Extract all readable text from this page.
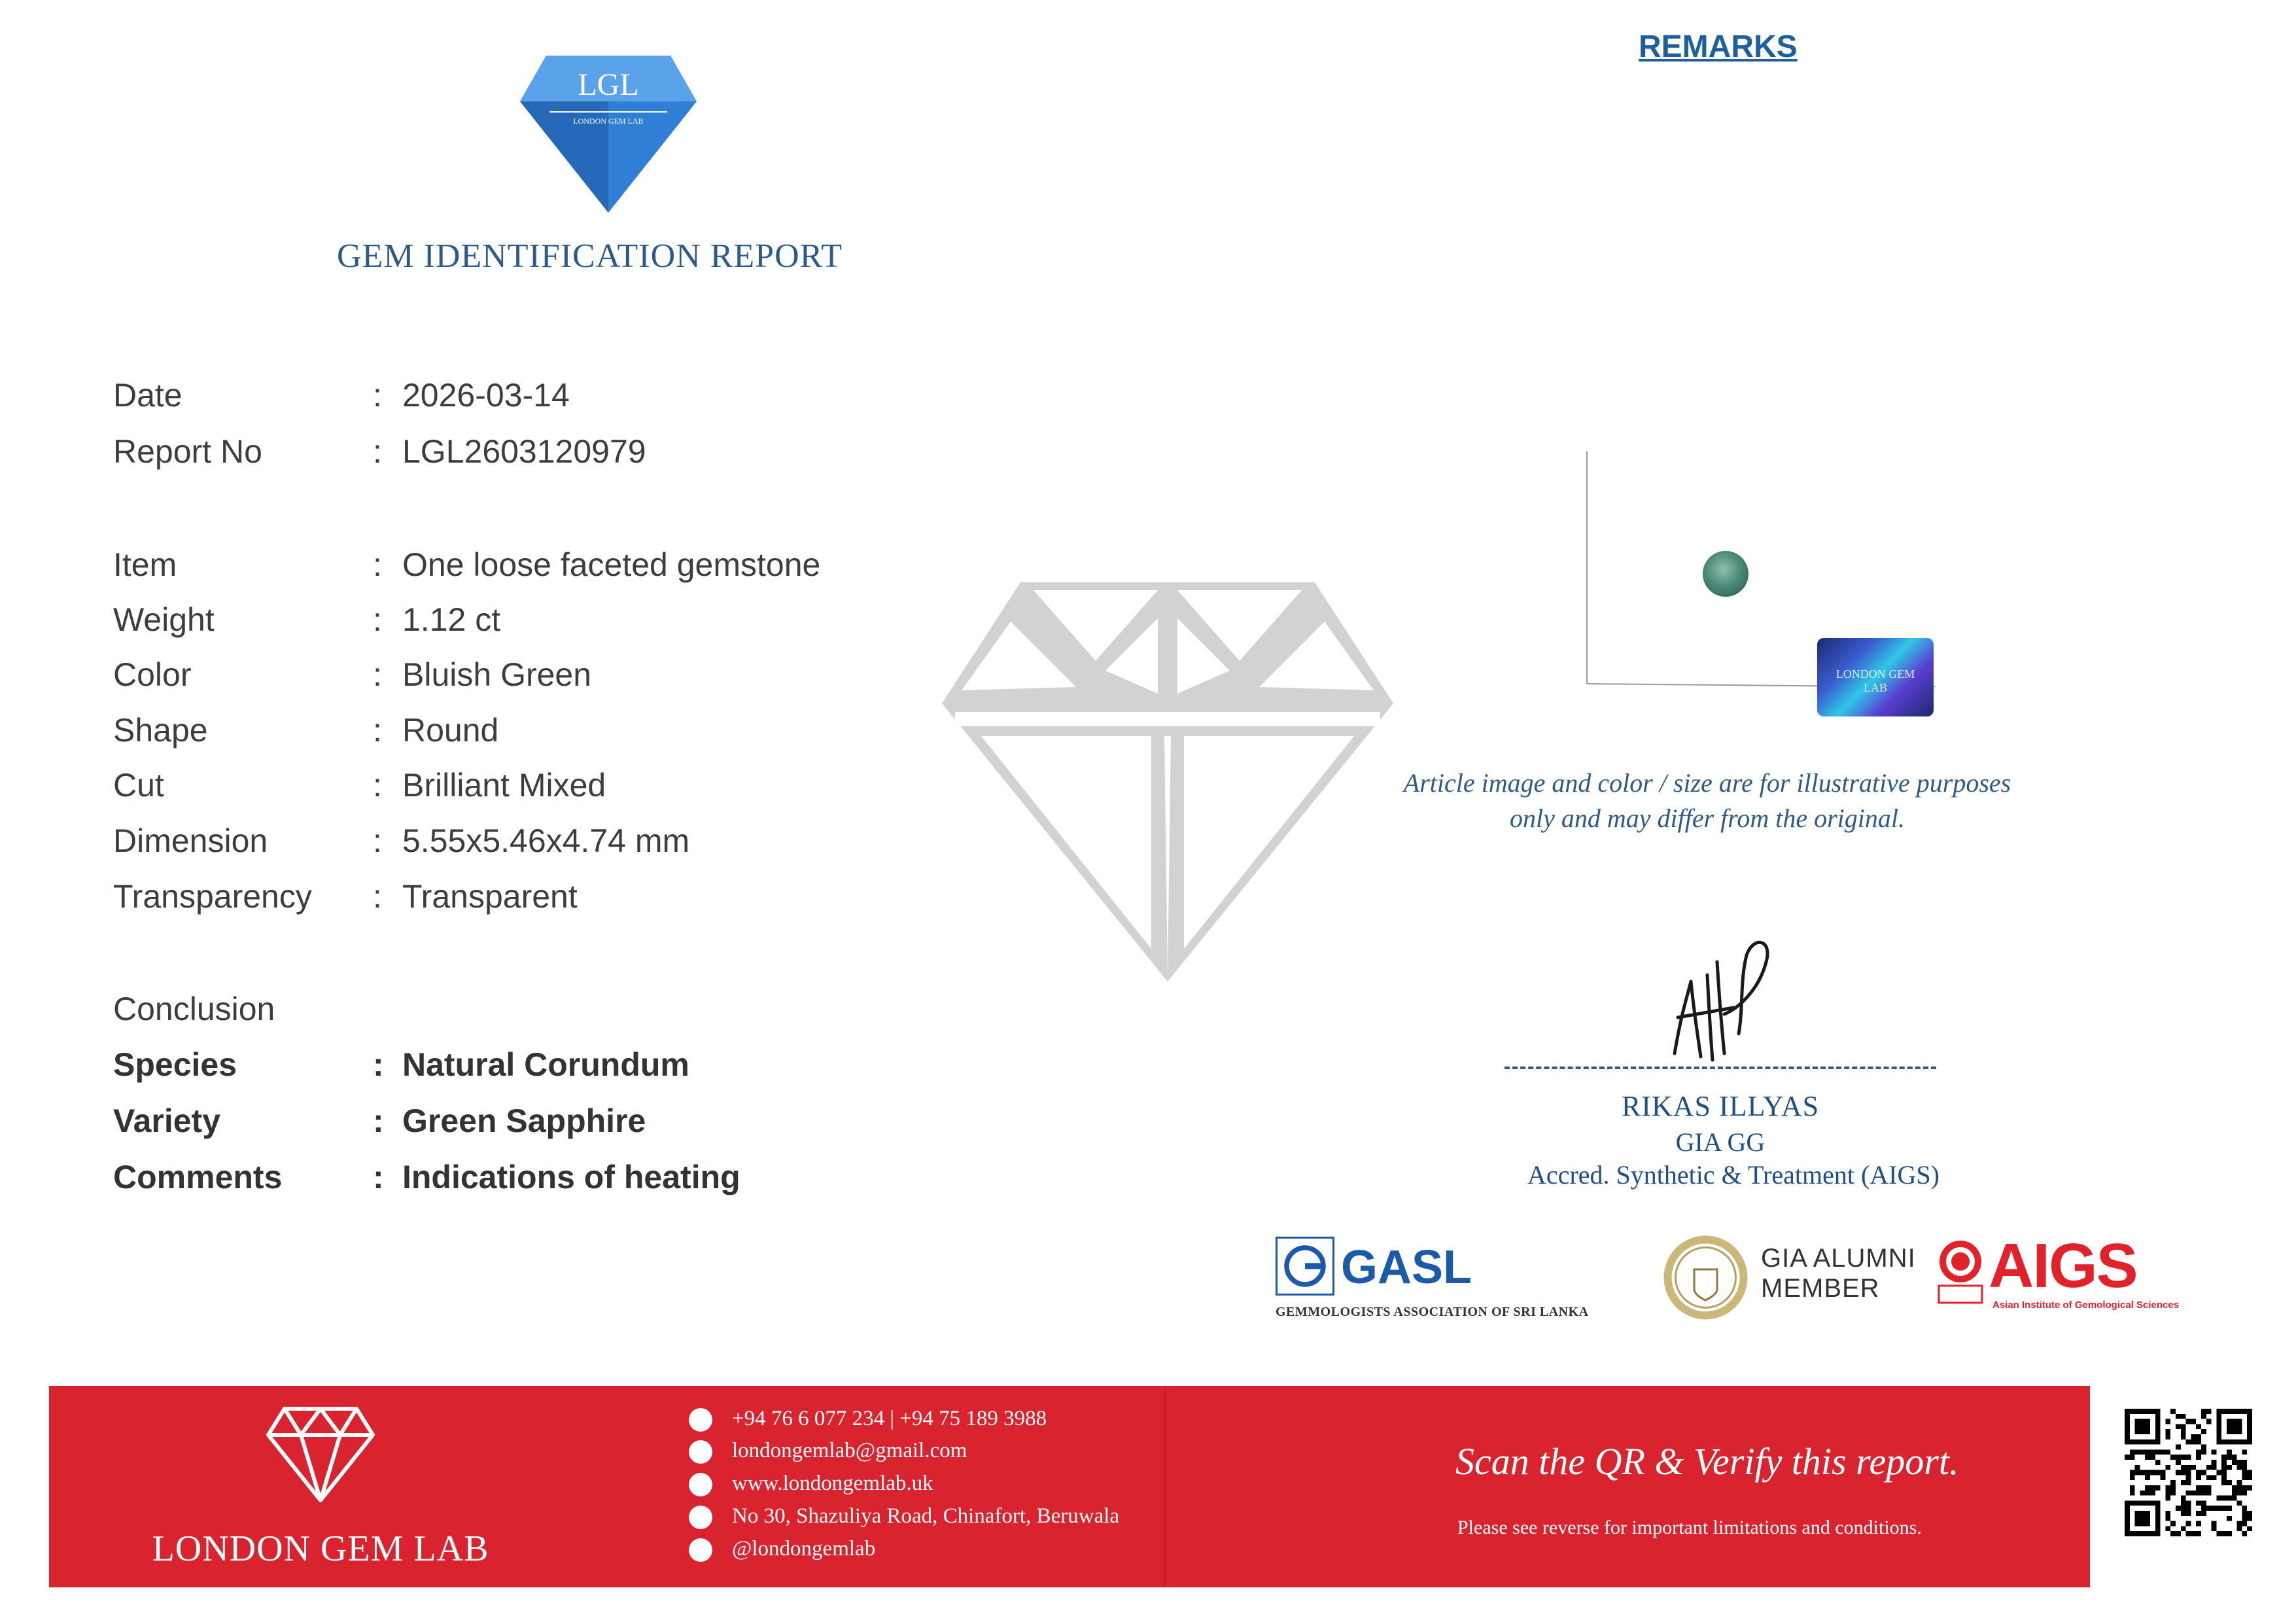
LGL
LONDON GEM LAB
GEM IDENTIFICATION REPORT
REMARKS
Date	: 2026-03-14
Report No	: LGL2603120979
Item	: One loose faceted gemstone
Weight	: 1.12 ct
Color	: Bluish Green
Shape	: Round
Cut	: Brilliant Mixed
Dimension	: 5.55x5.46x4.74 mm
Transparency : Transparent
Conclusion
Species	: Natural Corundum
Variety	: Green Sapphire
Comments	: Indications of heating
LONDON GEM LAB
Article image and color / size are for illustrative purposes
only and may differ from the original.
RIKAS ILLYAS
GIA GG
Accred. Synthetic & Treatment (AIGS)
GASL
GEMMOLOGISTS ASSOCIATION OF SRI LANKA
GIA ALUMNI
MEMBER	AIGS
Asian Institute of Gemological Sciences
LONDON GEM LAB
+94 76 6 077 234 | +94 75 189 3988
londongemlab@gmail.com
www.londongemlab.uk
No 30, Shazuliya Road, Chinafort, Beruwala
@londongemlab
Scan the QR & Verify this report.
Please see reverse for important limitations and conditions.
